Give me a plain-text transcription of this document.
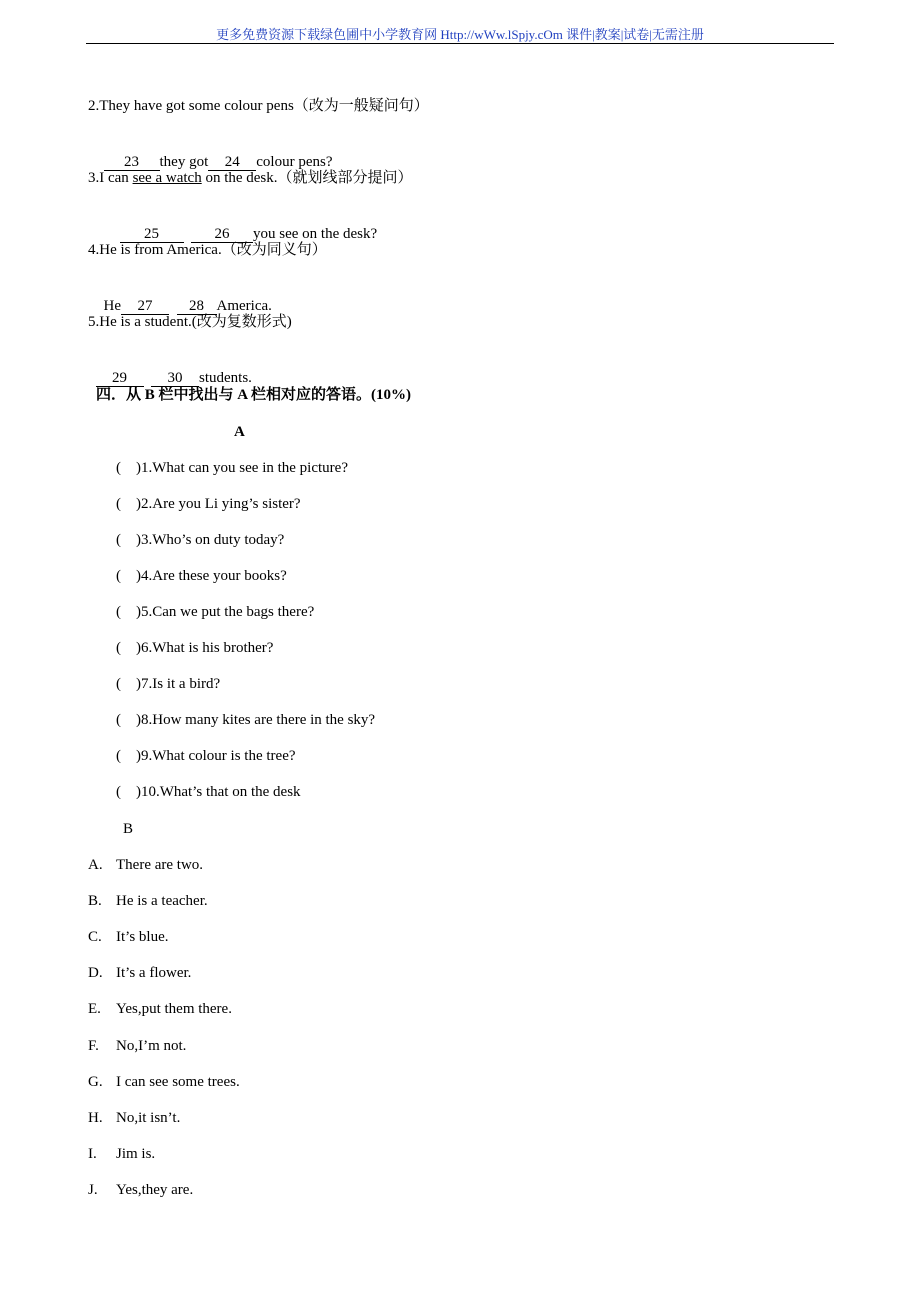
更多免费资源下载绿色圃中小学教育网 Http://wWw.lSpjy.cOm 课件|教案|试卷|无需注册
2.They have got some colour pens（改为一般疑问句）

23 they got 24 colour pens?

3.I can see a watch on the desk.（就划线部分提问）

25	26 you see on the desk?

4.He is from America.（改为同义句）

He 27 28 America.

5.He is a student.(改为复数形式)

29	30 students.

四．从 B 栏中找出与 A 栏相对应的答语。(10%)
A
(    )1.What can you see in the picture?
(    )2.Are you Li ying’s sister?
(    )3.Who’s on duty today?
(    )4.Are these your books?
(    )5.Can we put the bags there?
(    )6.What is his brother?
(    )7.Is it a bird?
(    )8.How many kites are there in the sky?
(    )9.What colour is the tree?
(    )10.What’s that on the desk
B
A. There are two.
B. He is a teacher.
C. It’s blue.
D. It’s a flower.
E. Yes,put them there.
F. No,I’m not.
G. I can see some trees.
H. No,it isn’t.
I. Jim is.
J. Yes,they are.
